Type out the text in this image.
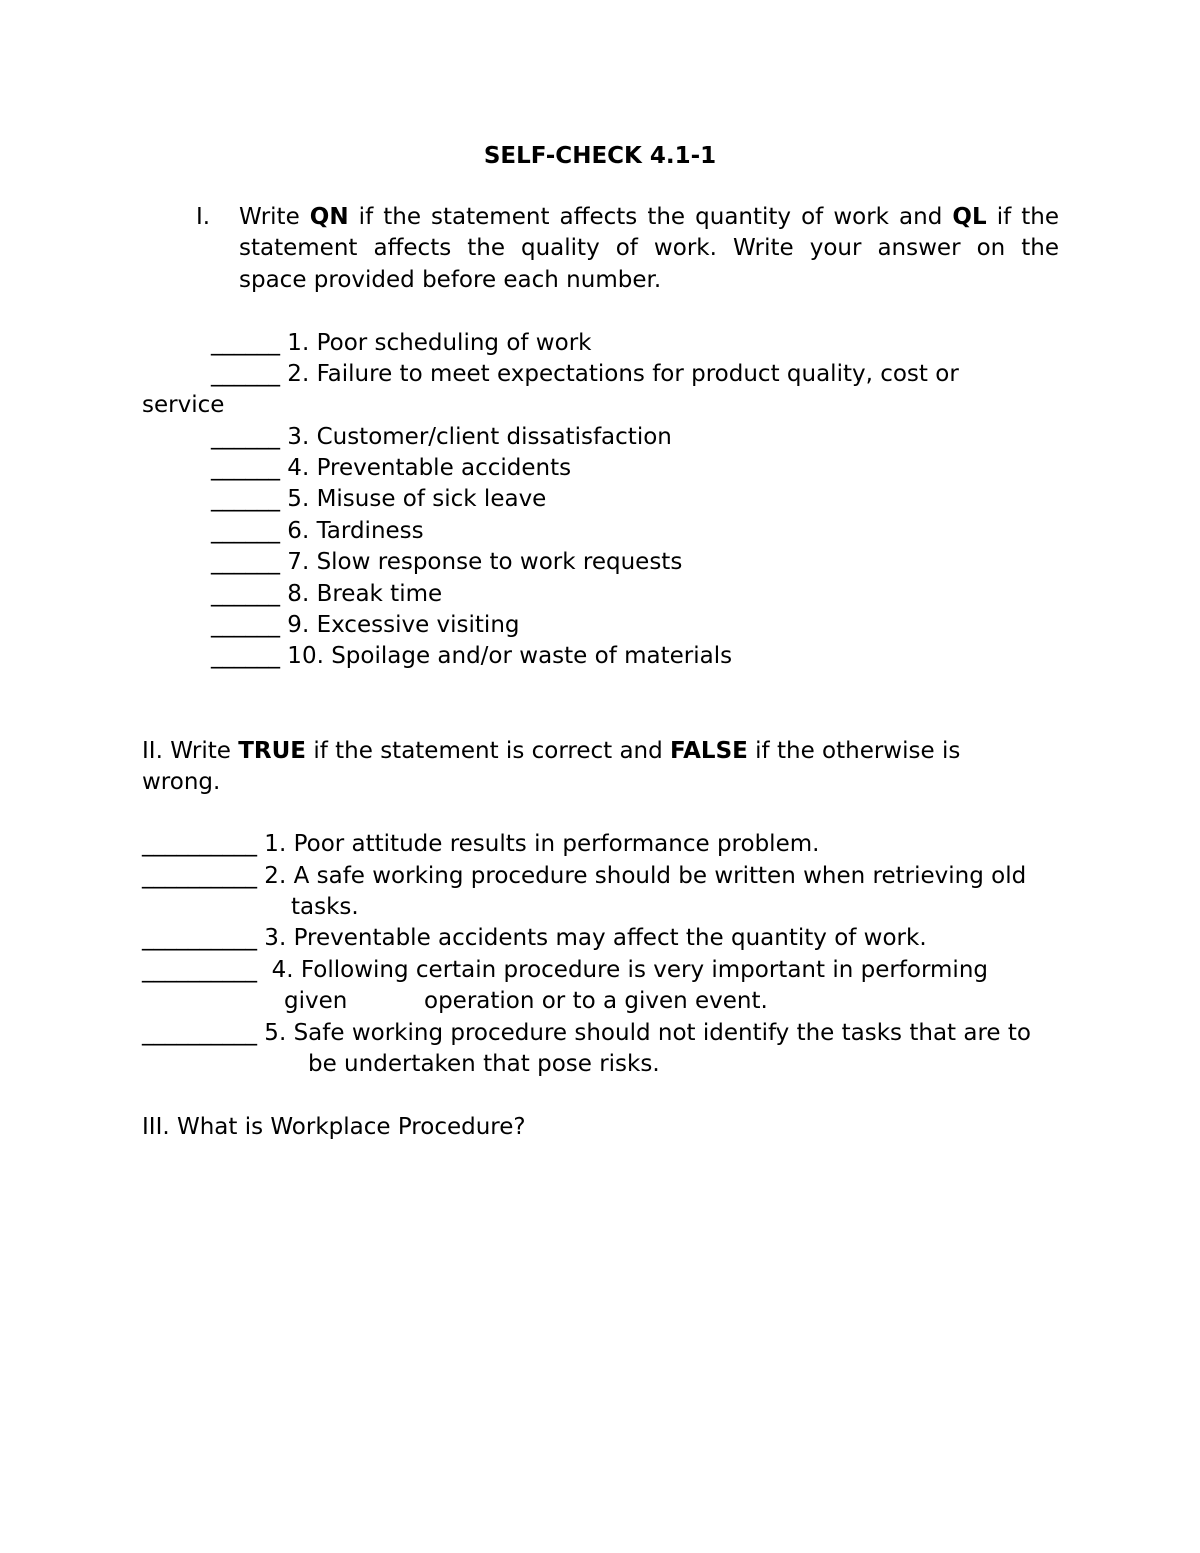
SELF-CHECK 4.1-1

I. Write QN if the statement affects the quantity of work and QL if the

statement affects the quality of work. Write your answer on the

space provided before each number.

______ 1. Poor scheduling of work

______ 2. Failure to meet expectations for product quality, cost or

service

______ 3. Customer/client dissatisfaction

______ 4. Preventable accidents

______ 5. Misuse of sick leave

______ 6. Tardiness

______ 7. Slow response to work requests

______ 8. Break time

______ 9. Excessive visiting

______ 10. Spoilage and/or waste of materials

II. Write TRUE if the statement is correct and FALSE if the otherwise is

wrong.

__________ 1. Poor attitude results in performance problem.

__________ 2. A safe working procedure should be written when retrieving old

tasks.

__________ 3. Preventable accidents may affect the quantity of work.

__________  4. Following certain procedure is very important in performing

given	operation or to a given event.

__________ 5. Safe working procedure should not identify the tasks that are to

be undertaken that pose risks.

III. What is Workplace Procedure?
